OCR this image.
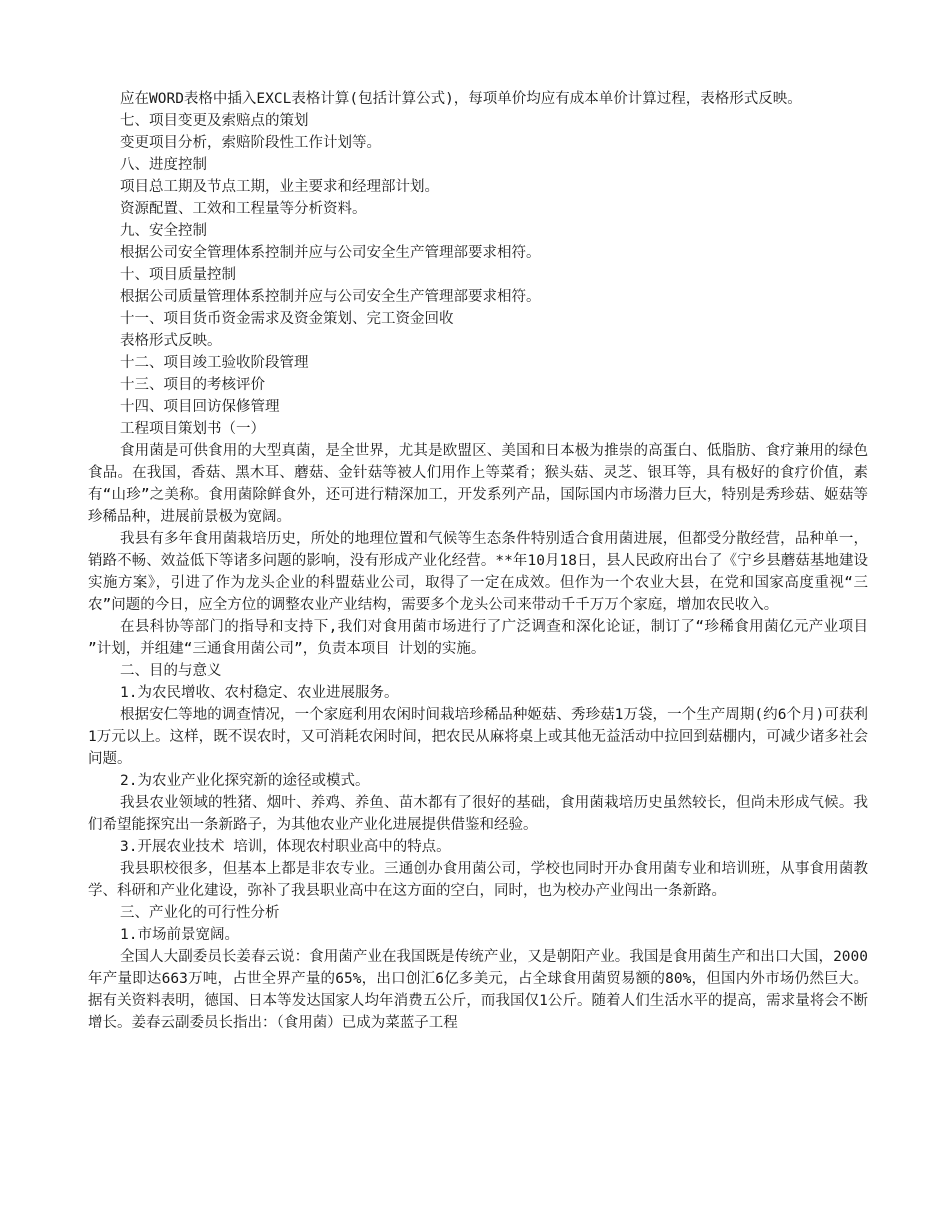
应在WORD表格中插入EXCL表格计算(包括计算公式)，每项单价均应有成本单价计算过程，表格形式反映。

七、项目变更及索赔点的策划

变更项目分析，索赔阶段性工作计划等。

八、进度控制

项目总工期及节点工期，业主要求和经理部计划。

资源配置、工效和工程量等分析资料。

九、安全控制

根据公司安全管理体系控制并应与公司安全生产管理部要求相符。

十、项目质量控制

根据公司质量管理体系控制并应与公司安全生产管理部要求相符。

十一、项目货币资金需求及资金策划、完工资金回收

表格形式反映。

十二、项目竣工验收阶段管理

十三、项目的考核评价

十四、项目回访保修管理

工程项目策划书（一）

食用菌是可供食用的大型真菌，是全世界，尤其是欧盟区、美国和日本极为推崇的高蛋白、低脂肪、食疗兼用的绿色食品。在我国，香菇、黑木耳、蘑菇、金针菇等被人们用作上等菜肴；猴头菇、灵芝、银耳等，具有极好的食疗价值，素有“山珍”之美称。食用菌除鲜食外，还可进行精深加工，开发系列产品，国际国内市场潜力巨大，特别是秀珍菇、姬菇等珍稀品种，进展前景极为宽阔。

我县有多年食用菌栽培历史，所处的地理位置和气候等生态条件特别适合食用菌进展，但都受分散经营，品种单一，销路不畅、效益低下等诸多问题的影响，没有形成产业化经营。**年10月18日，县人民政府出台了《宁乡县蘑菇基地建设实施方案》，引进了作为龙头企业的科盟菇业公司，取得了一定在成效。但作为一个农业大县，在党和国家高度重视“三农”问题的今日，应全方位的调整农业产业结构，需要多个龙头公司来带动千千万万个家庭，增加农民收入。

在县科协等部门的指导和支持下,我们对食用菌市场进行了广泛调查和深化论证，制订了“珍稀食用菌亿元产业项目 ”计划，并组建“三通食用菌公司”，负责本项目 计划的实施。

二、目的与意义

1.为农民增收、农村稳定、农业进展服务。

根据安仁等地的调查情况，一个家庭利用农闲时间栽培珍稀品种姬菇、秀珍菇1万袋，一个生产周期(约6个月)可获利1万元以上。这样，既不误农时，又可消耗农闲时间，把农民从麻将桌上或其他无益活动中拉回到菇棚内，可减少诸多社会问题。

2.为农业产业化探究新的途径或模式。

我县农业领域的牲猪、烟叶、养鸡、养鱼、苗木都有了很好的基础，食用菌栽培历史虽然较长，但尚未形成气候。我们希望能探究出一条新路子，为其他农业产业化进展提供借鉴和经验。

3.开展农业技术 培训，体现农村职业高中的特点。

我县职校很多，但基本上都是非农专业。三通创办食用菌公司，学校也同时开办食用菌专业和培训班，从事食用菌教学、科研和产业化建设，弥补了我县职业高中在这方面的空白，同时，也为校办产业闯出一条新路。

三、产业化的可行性分析

1.市场前景宽阔。

全国人大副委员长姜春云说：食用菌产业在我国既是传统产业，又是朝阳产业。我国是食用菌生产和出口大国，2000年产量即达663万吨，占世全界产量的65%，出口创汇6亿多美元，占全球食用菌贸易额的80%，但国内外市场仍然巨大。据有关资料表明，德国、日本等发达国家人均年消费五公斤，而我国仅1公斤。随着人们生活水平的提高，需求量将会不断增长。姜春云副委员长指出：（食用菌）已成为菜蓝子工程
